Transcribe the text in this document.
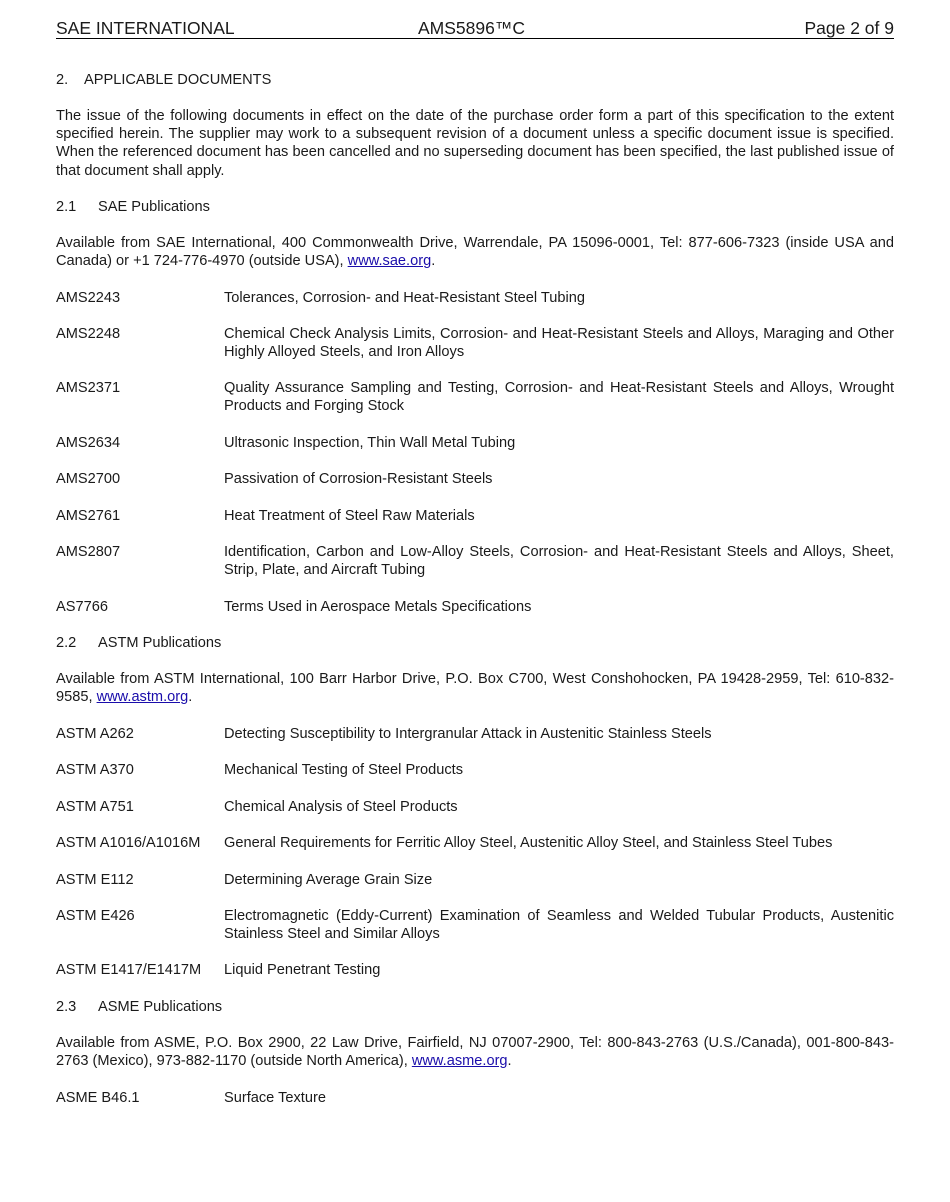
SAE INTERNATIONAL	AMS5896™C	Page 2 of 9
2. APPLICABLE DOCUMENTS
The issue of the following documents in effect on the date of the purchase order form a part of this specification to the extent specified herein. The supplier may work to a subsequent revision of a document unless a specific document issue is specified. When the referenced document has been cancelled and no superseding document has been specified, the last published issue of that document shall apply.
2.1 SAE Publications
Available from SAE International, 400 Commonwealth Drive, Warrendale, PA 15096-0001, Tel: 877-606-7323 (inside USA and Canada) or +1 724-776-4970 (outside USA), www.sae.org.
AMS2243	Tolerances, Corrosion- and Heat-Resistant Steel Tubing
AMS2248	Chemical Check Analysis Limits, Corrosion- and Heat-Resistant Steels and Alloys, Maraging and Other Highly Alloyed Steels, and Iron Alloys
AMS2371	Quality Assurance Sampling and Testing, Corrosion- and Heat-Resistant Steels and Alloys, Wrought Products and Forging Stock
AMS2634	Ultrasonic Inspection, Thin Wall Metal Tubing
AMS2700	Passivation of Corrosion-Resistant Steels
AMS2761	Heat Treatment of Steel Raw Materials
AMS2807	Identification, Carbon and Low-Alloy Steels, Corrosion- and Heat-Resistant Steels and Alloys, Sheet, Strip, Plate, and Aircraft Tubing
AS7766	Terms Used in Aerospace Metals Specifications
2.2 ASTM Publications
Available from ASTM International, 100 Barr Harbor Drive, P.O. Box C700, West Conshohocken, PA 19428-2959, Tel: 610-832-9585, www.astm.org.
ASTM A262	Detecting Susceptibility to Intergranular Attack in Austenitic Stainless Steels
ASTM A370	Mechanical Testing of Steel Products
ASTM A751	Chemical Analysis of Steel Products
ASTM A1016/A1016M	General Requirements for Ferritic Alloy Steel, Austenitic Alloy Steel, and Stainless Steel Tubes
ASTM E112	Determining Average Grain Size
ASTM E426	Electromagnetic (Eddy-Current) Examination of Seamless and Welded Tubular Products, Austenitic Stainless Steel and Similar Alloys
ASTM E1417/E1417M	Liquid Penetrant Testing
2.3 ASME Publications
Available from ASME, P.O. Box 2900, 22 Law Drive, Fairfield, NJ 07007-2900, Tel: 800-843-2763 (U.S./Canada), 001-800-843-2763 (Mexico), 973-882-1170 (outside North America), www.asme.org.
ASME B46.1	Surface Texture
